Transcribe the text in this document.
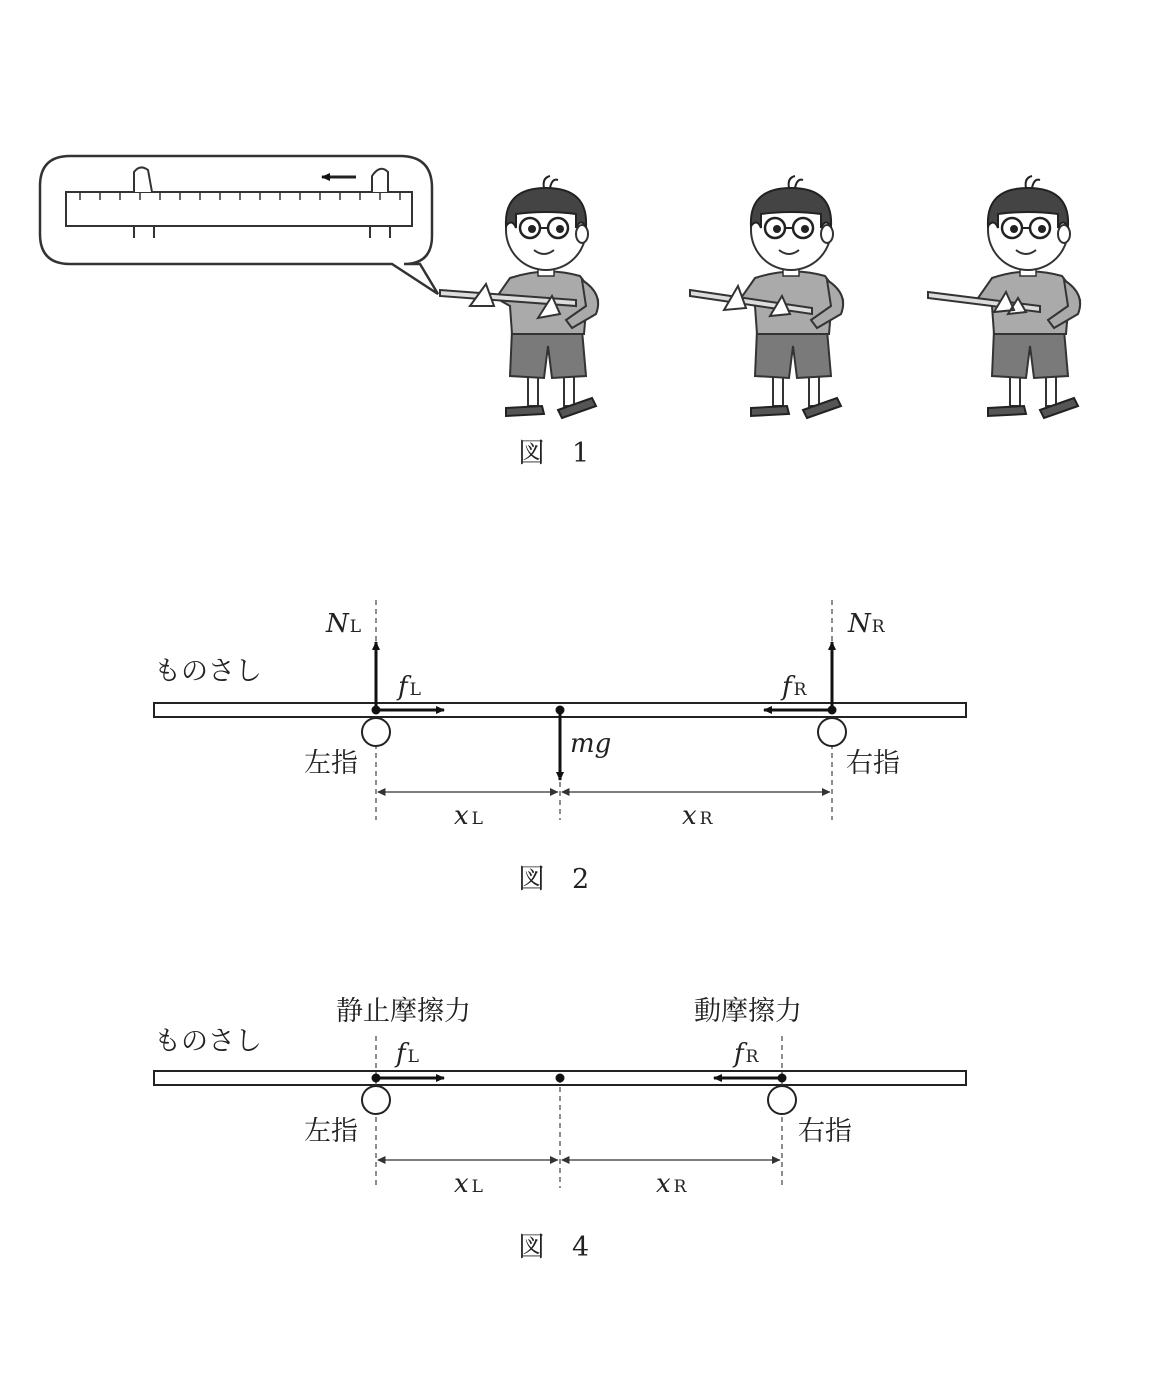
図　1
ものさし
NL	NR
f L	f R
mg
左指	右指
x L	x R
図　2
静止摩擦力	動摩擦力
ものさし	f L	f R
左指	右指
x L	x R
図　4
